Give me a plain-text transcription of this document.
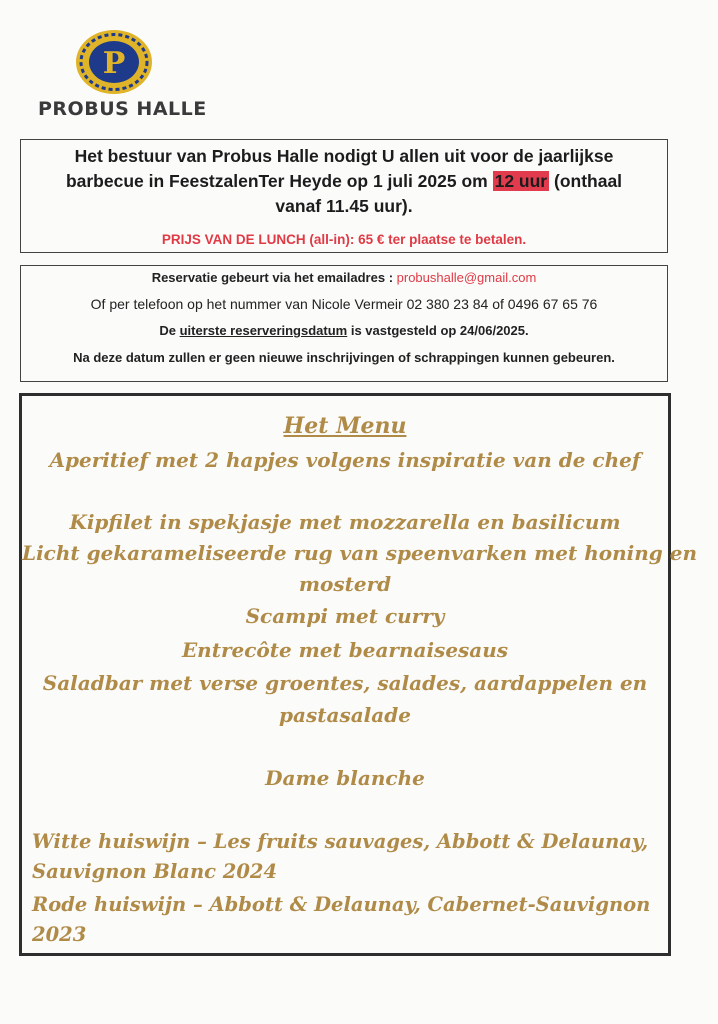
P
PROBUS HALLE
Het bestuur van Probus Halle nodigt U allen uit voor de jaarlijkse
barbecue in FeestzalenTer Heyde op 1 juli 2025 om 12 uur (onthaal
vanaf 11.45 uur).
PRIJS VAN DE LUNCH (all-in): 65 € ter plaatse te betalen.
Reservatie gebeurt via het emailadres : probushalle@gmail.com
Of per telefoon op het nummer van Nicole Vermeir 02 380 23 84 of 0496 67 65 76
De uiterste reserveringsdatum is vastgesteld op 24/06/2025.
Na deze datum zullen er geen nieuwe inschrijvingen of schrappingen kunnen gebeuren.
Het Menu
Aperitief met 2 hapjes volgens inspiratie van de chef
Kipfilet in spekjasje met mozzarella en basilicum
Licht gekarameliseerde rug van speenvarken met honing en
mosterd
Scampi met curry
Entrecôte met bearnaisesaus
Saladbar met verse groentes, salades, aardappelen en
pastasalade
Dame blanche
Witte huiswijn – Les fruits sauvages, Abbott & Delaunay,
Sauvignon Blanc 2024
Rode huiswijn – Abbott & Delaunay, Cabernet-Sauvignon
2023
